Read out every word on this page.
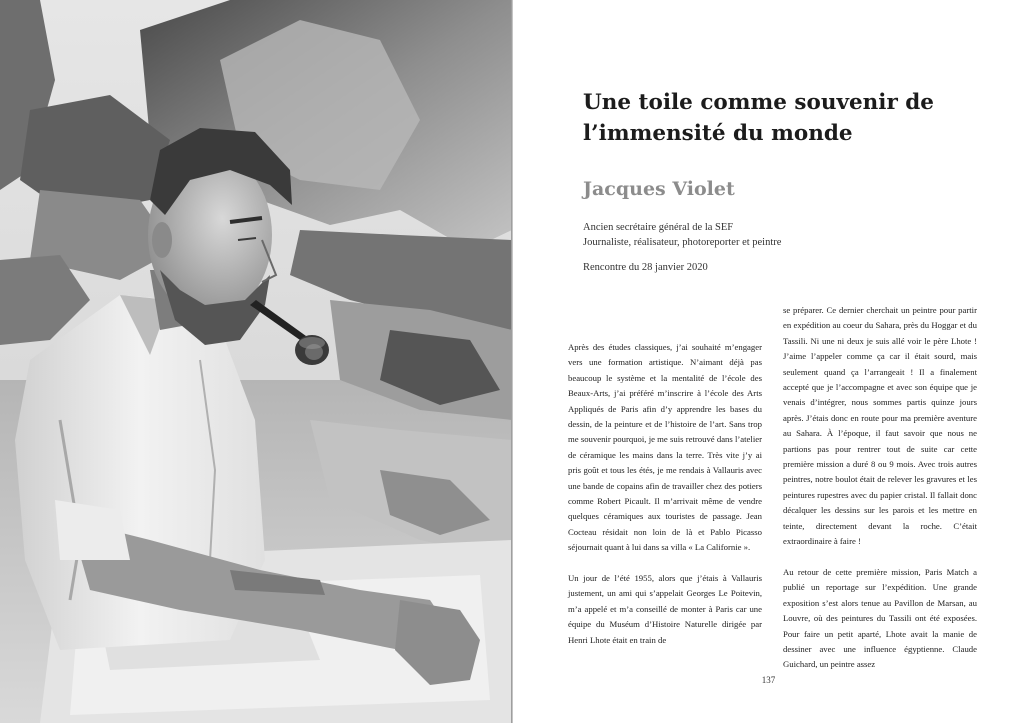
Une toile comme souvenir de l’immensité du monde
Jacques Violet
Ancien secrétaire général de la SEF
Journaliste, réalisateur, photoreporter et peintre

Rencontre du 28 janvier 2020

Après des études classiques, j’ai souhaité m’engager vers une formation artistique. N’aimant déjà pas beaucoup le système et la mentalité de l’école des Beaux-Arts, j’ai préféré m’inscrire à l’école des Arts Appliqués de Paris afin d’y apprendre les bases du dessin, de la peinture et de l’histoire de l’art. Sans trop me souvenir pourquoi, je me suis retrouvé dans l’atelier de céramique les mains dans la terre. Très vite j’y ai pris goût et tous les étés, je me rendais à Vallauris avec une bande de copains afin de travailler chez des potiers comme Robert Picault. Il m’arrivait même de vendre quelques céramiques aux touristes de passage. Jean Cocteau résidait non loin de là et Pablo Picasso séjournait quant à lui dans sa villa « La Californie ».

Un jour de l’été 1955, alors que j’étais à Vallauris justement, un ami qui s’appelait Georges Le Poitevin, m’a appelé et m’a conseillé de monter à Paris car une équipe du Muséum d’Histoire Naturelle dirigée par Henri Lhote était en train de

se préparer. Ce dernier cherchait un peintre pour partir en expédition au coeur du Sahara, près du Hoggar et du Tassili. Ni une ni deux je suis allé voir le père Lhote ! J’aime l’appeler comme ça car il était sourd, mais seulement quand ça l’arrangeait ! Il a finalement accepté que je l’accompagne et avec son équipe que je venais d’intégrer, nous sommes partis quinze jours après. J’étais donc en route pour ma première aventure au Sahara. À l’époque, il faut savoir que nous ne partions pas pour rentrer tout de suite car cette première mission a duré 8 ou 9 mois. Avec trois autres peintres, notre boulot était de relever les gravures et les peintures rupestres avec du papier cristal. Il fallait donc décalquer les dessins sur les parois et les mettre en teinte, directement devant la roche. C’était extraordinaire à faire !

Au retour de cette première mission, Paris Match a publié un reportage sur l’expédition. Une grande exposition s’est alors tenue au Pavillon de Marsan, au Louvre, où des peintures du Tassili ont été exposées. Pour faire un petit aparté, Lhote avait la manie de dessiner avec une influence égyptienne. Claude Guichard, un peintre assez

137
